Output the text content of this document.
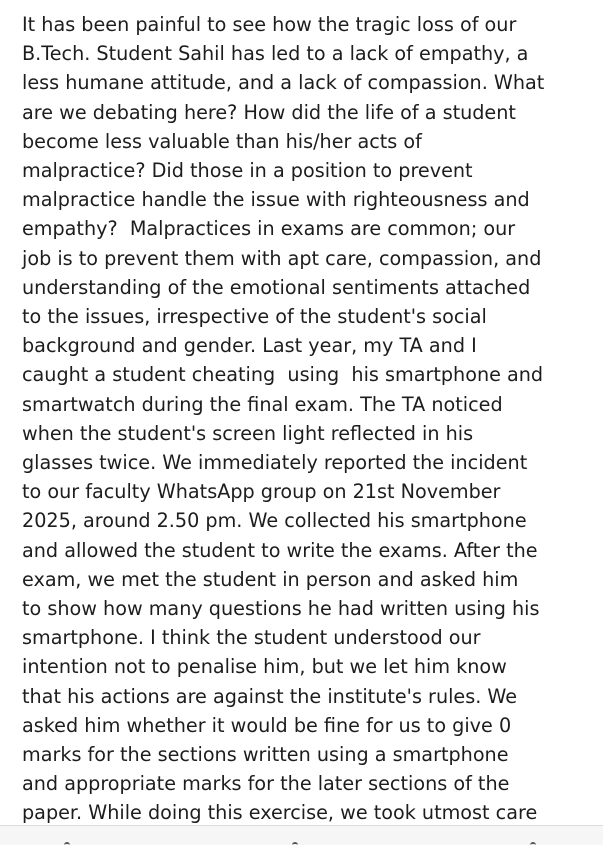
It has been painful to see how the tragic loss of our
B.Tech. Student Sahil has led to a lack of empathy, a
less humane attitude, and a lack of compassion. What
are we debating here? How did the life of a student
become less valuable than his/her acts of
malpractice? Did those in a position to prevent
malpractice handle the issue with righteousness and
empathy?  Malpractices in exams are common; our
job is to prevent them with apt care, compassion, and
understanding of the emotional sentiments attached
to the issues, irrespective of the student's social
background and gender. Last year, my TA and I
caught a student cheating  using  his smartphone and
smartwatch during the final exam. The TA noticed
when the student's screen light reflected in his
glasses twice. We immediately reported the incident
to our faculty WhatsApp group on 21st November
2025, around 2.50 pm. We collected his smartphone
and allowed the student to write the exams. After the
exam, we met the student in person and asked him
to show how many questions he had written using his
smartphone. I think the student understood our
intention not to penalise him, but we let him know
that his actions are against the institute's rules. We
asked him whether it would be fine for us to give 0
marks for the sections written using a smartphone
and appropriate marks for the later sections of the
paper. While doing this exercise, we took utmost care
